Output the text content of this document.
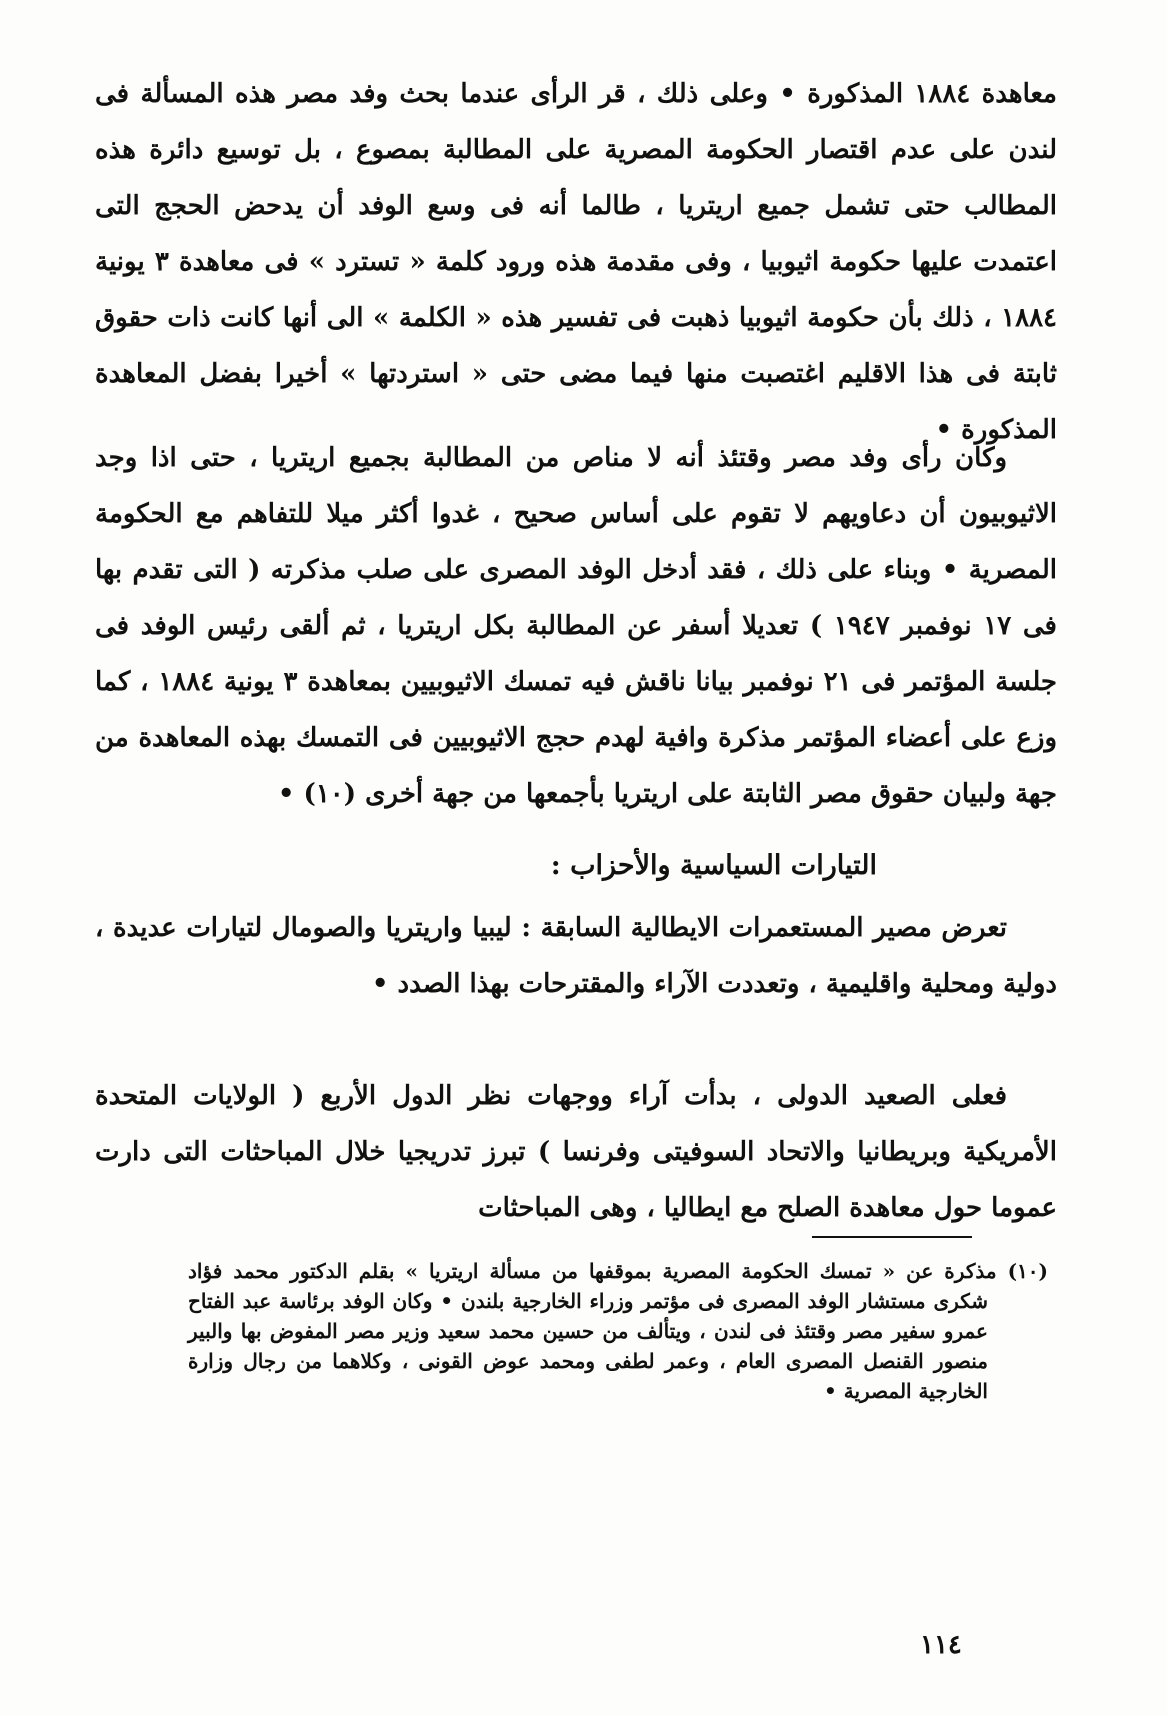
معاهدة ١٨٨٤ المذكورة • وعلى ذلك ، قر الرأى عندما بحث وفد مصر هذه المسألة فى لندن على عدم اقتصار الحكومة المصرية على المطالبة بمصوع ، بل توسيع دائرة هذه المطالب حتى تشمل جميع اريتريا ، طالما أنه فى وسع الوفد أن يدحض الحجج التى اعتمدت عليها حكومة اثيوبيا ، وفى مقدمة هذه ورود كلمة « تسترد » فى معاهدة ٣ يونية ١٨٨٤ ، ذلك بأن حكومة اثيوبيا ذهبت فى تفسير هذه « الكلمة » الى أنها كانت ذات حقوق ثابتة فى هذا الاقليم اغتصبت منها فيما مضى حتى « استردتها » أخيرا بفضل المعاهدة المذكورة •

وكان رأى وفد مصر وقتئذ أنه لا مناص من المطالبة بجميع اريتريا ، حتى اذا وجد الاثيوبيون أن دعاويهم لا تقوم على أساس صحيح ، غدوا أكثر ميلا للتفاهم مع الحكومة المصرية • وبناء على ذلك ، فقد أدخل الوفد المصرى على صلب مذكرته ( التى تقدم بها فى ١٧ نوفمبر ١٩٤٧ ) تعديلا أسفر عن المطالبة بكل اريتريا ، ثم ألقى رئيس الوفد فى جلسة المؤتمر فى ٢١ نوفمبر بيانا ناقش فيه تمسك الاثيوبيين بمعاهدة ٣ يونية ١٨٨٤ ، كما وزع على أعضاء المؤتمر مذكرة وافية لهدم حجج الاثيوبيين فى التمسك بهذه المعاهدة من جهة ولبيان حقوق مصر الثابتة على اريتريا بأجمعها من جهة أخرى (١٠) •

التيارات السياسية والأحزاب :

تعرض مصير المستعمرات الايطالية السابقة : ليبيا واريتريا والصومال لتيارات عديدة ، دولية ومحلية واقليمية ، وتعددت الآراء والمقترحات بهذا الصدد •

فعلى الصعيد الدولى ، بدأت آراء ووجهات نظر الدول الأربع ( الولايات المتحدة الأمريكية وبريطانيا والاتحاد السوفيتى وفرنسا ) تبرز تدريجيا خلال المباحثات التى دارت عموما حول معاهدة الصلح مع ايطاليا ، وهى المباحثات

(١٠) مذكرة عن « تمسك الحكومة المصرية بموقفها من مسألة اريتريا » بقلم الدكتور محمد فؤاد شكرى مستشار الوفد المصرى فى مؤتمر وزراء الخارجية بلندن • وكان الوفد برئاسة عبد الفتاح عمرو سفير مصر وقتئذ فى لندن ، ويتألف من حسين محمد سعيد وزير مصر المفوض بها والبير منصور القنصل المصرى العام ، وعمر لطفى ومحمد عوض القونى ، وكلاهما من رجال وزارة الخارجية المصرية •

١١٤
